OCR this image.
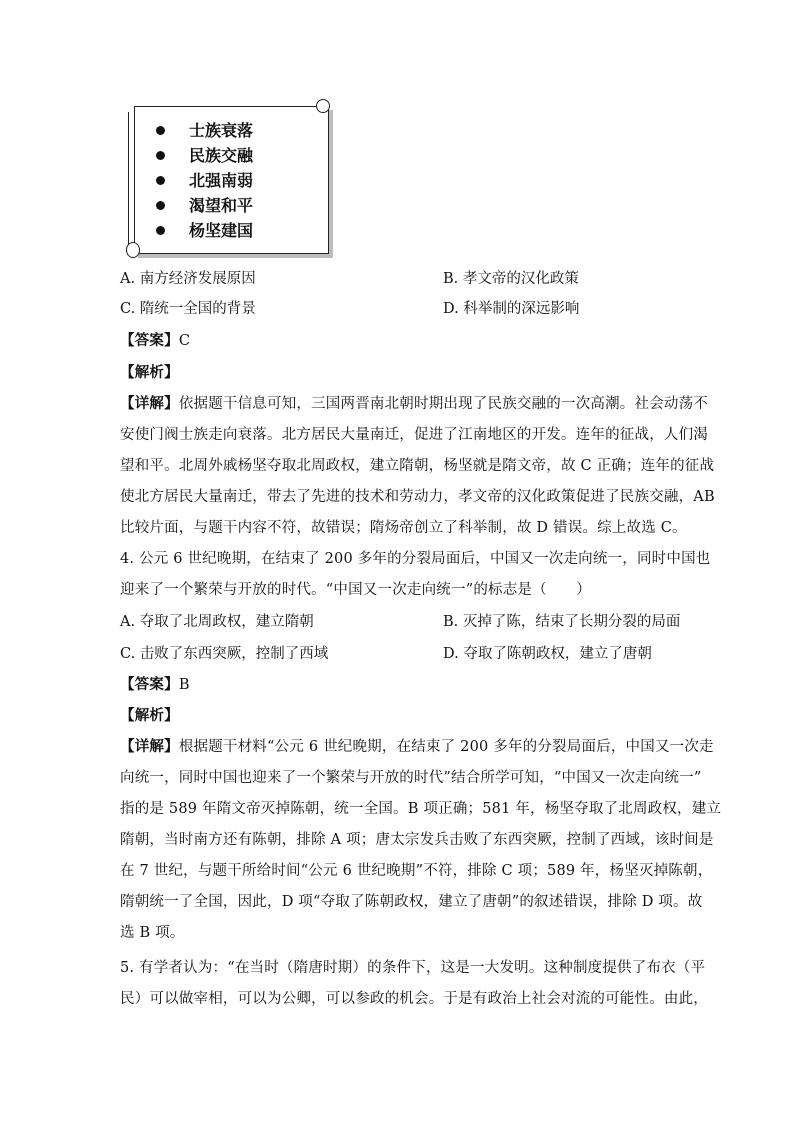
士族衰落
民族交融
北强南弱
渴望和平
杨坚建国
A. 南方经济发展原因	B. 孝文帝的汉化政策
C. 隋统一全国的背景	D. 科举制的深远影响
【答案】C
【解析】
【详解】依据题干信息可知，三国两晋南北朝时期出现了民族交融的一次高潮。社会动荡不
安使门阀士族走向衰落。北方居民大量南迁，促进了江南地区的开发。连年的征战，人们渴
望和平。北周外戚杨坚夺取北周政权，建立隋朝，杨坚就是隋文帝，故 C 正确；连年的征战
使北方居民大量南迁，带去了先进的技术和劳动力，孝文帝的汉化政策促进了民族交融，AB
比较片面，与题干内容不符，故错误；隋炀帝创立了科举制，故 D 错误。综上故选 C。
4. 公元 6 世纪晚期，在结束了 200 多年的分裂局面后，中国又一次走向统一，同时中国也
迎来了一个繁荣与开放的时代。“中国又一次走向统一”的标志是（　　）
A. 夺取了北周政权，建立隋朝	B. 灭掉了陈，结束了长期分裂的局面
C. 击败了东西突厥，控制了西域	D. 夺取了陈朝政权，建立了唐朝
【答案】B
【解析】
【详解】根据题干材料“公元 6 世纪晚期，在结束了 200 多年的分裂局面后，中国又一次走
向统一，同时中国也迎来了一个繁荣与开放的时代”结合所学可知，“中国又一次走向统一”
指的是 589 年隋文帝灭掉陈朝，统一全国。B 项正确；581 年，杨坚夺取了北周政权，建立
隋朝，当时南方还有陈朝，排除 A 项；唐太宗发兵击败了东西突厥，控制了西域，该时间是
在 7 世纪，与题干所给时间“公元 6 世纪晚期”不符，排除 C 项；589 年，杨坚灭掉陈朝，
隋朝统一了全国，因此，D 项“夺取了陈朝政权，建立了唐朝”的叙述错误，排除 D 项。故
选 B 项。
5. 有学者认为：“在当时（隋唐时期）的条件下，这是一大发明。这种制度提供了布衣（平
民）可以做宰相，可以为公卿，可以参政的机会。于是有政治上社会对流的可能性。由此，
